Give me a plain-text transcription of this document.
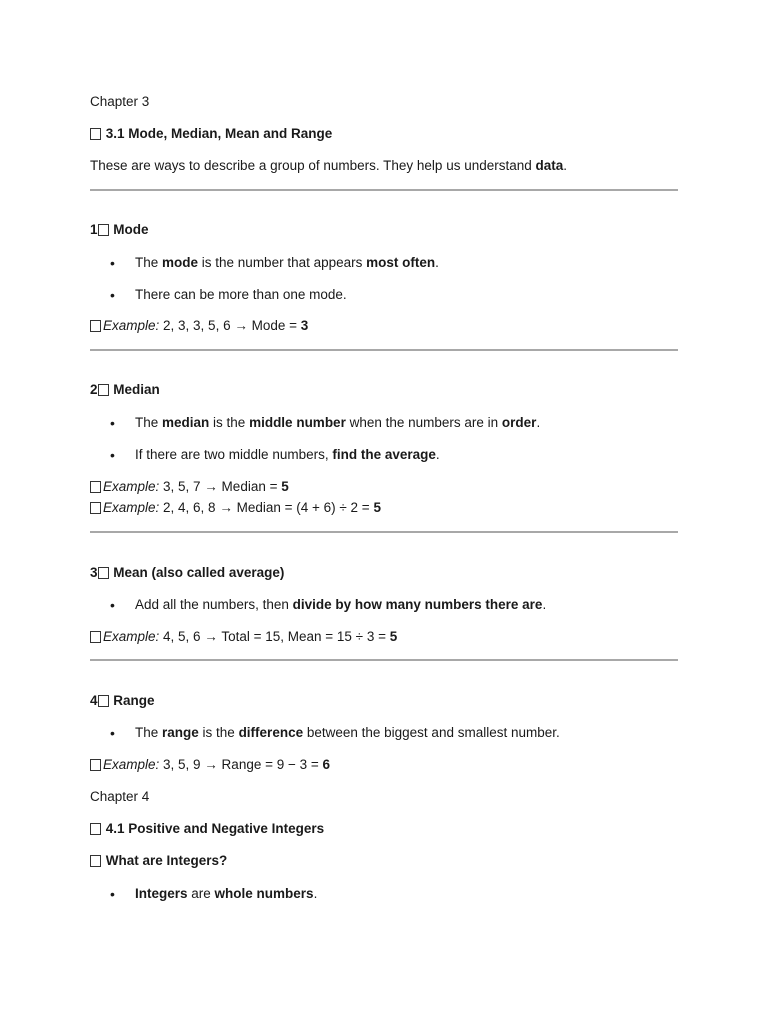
Chapter 3
3.1 Mode, Median, Mean and Range
These are ways to describe a group of numbers. They help us understand data.
1 Mode
• The mode is the number that appears most often.
• There can be more than one mode.
Example: 2, 3, 3, 5, 6 → Mode = 3
2 Median
• The median is the middle number when the numbers are in order.
• If there are two middle numbers, find the average.
Example: 3, 5, 7 → Median = 5
Example: 2, 4, 6, 8 → Median = (4 + 6) ÷ 2 = 5
3 Mean (also called average)
• Add all the numbers, then divide by how many numbers there are.
Example: 4, 5, 6 → Total = 15, Mean = 15 ÷ 3 = 5
4 Range
• The range is the difference between the biggest and smallest number.
Example: 3, 5, 9 → Range = 9 − 3 = 6
Chapter 4
4.1 Positive and Negative Integers
What are Integers?
• Integers are whole numbers.
